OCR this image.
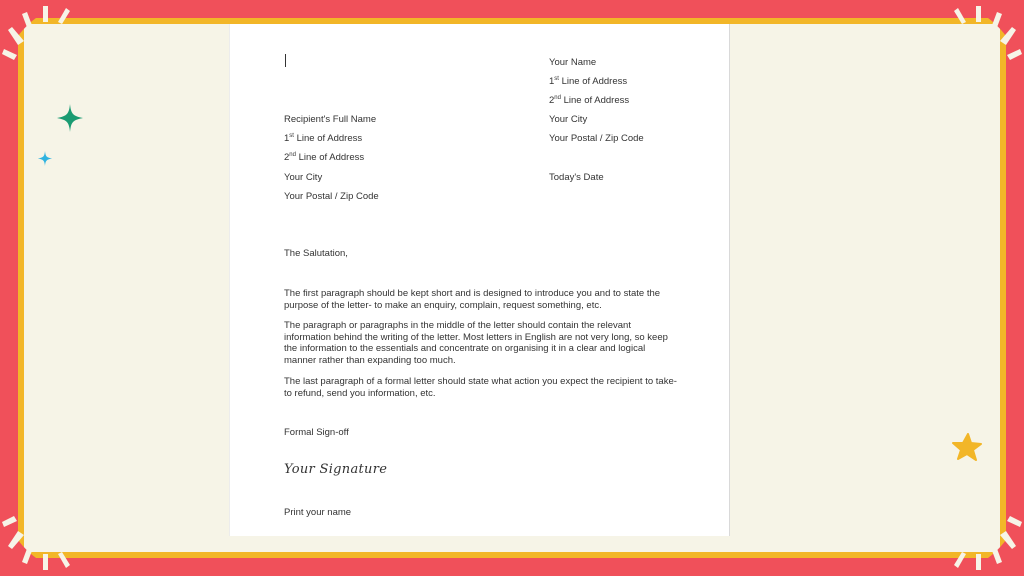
Your Name
1st Line of Address
2nd Line of Address
Your City
Your Postal / Zip Code
Today's Date
Recipient's Full Name
1st Line of Address
2nd Line of Address
Your City
Your Postal / Zip Code
The Salutation,
The first paragraph should be kept short and is designed to introduce you and to state the purpose of the letter- to make an enquiry, complain, request something, etc.
The paragraph or paragraphs in the middle of the letter should contain the relevant information behind the writing of the letter. Most letters in English are not very long, so keep the information to the essentials and concentrate on organising it in a clear and logical manner rather than expanding too much.
The last paragraph of a formal letter should state what action you expect the recipient to take- to refund, send you information, etc.
Formal Sign-off
Your Signature
Print your name
